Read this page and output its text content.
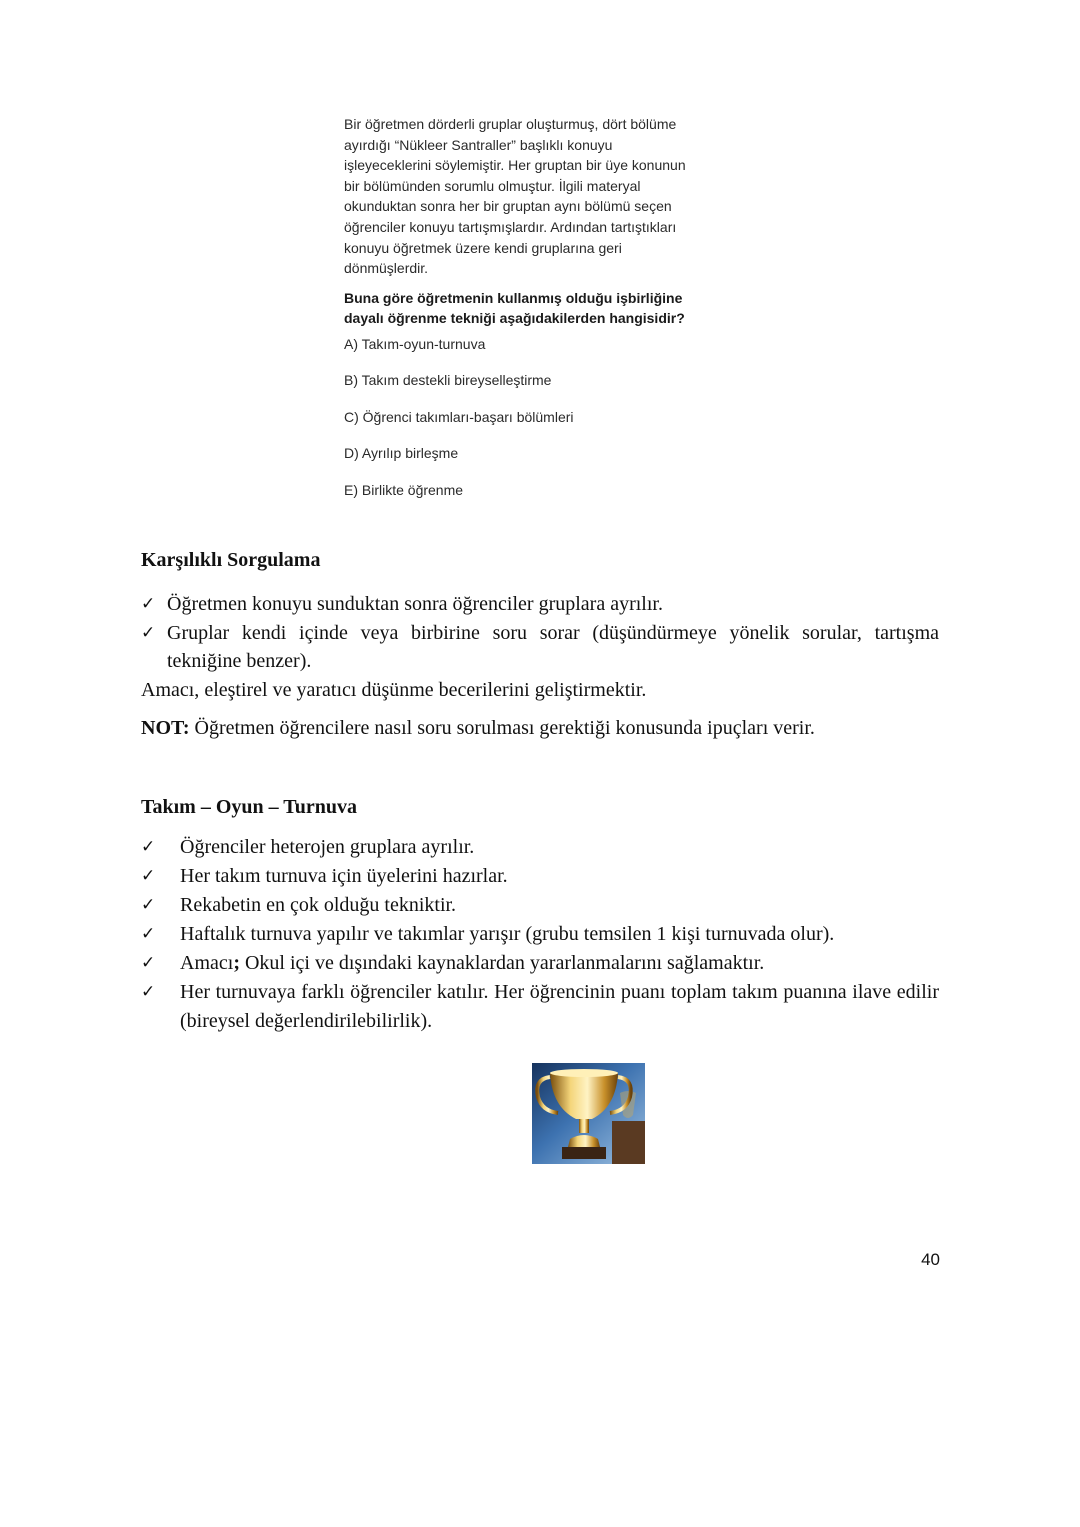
Bir öğretmen dörderli gruplar oluşturmuş, dört bölüme
ayırdığı “Nükleer Santraller” başlıklı konuyu
işleyeceklerini söylemiştir. Her gruptan bir üye konunun
bir bölümünden sorumlu olmuştur. İlgili materyal
okunduktan sonra her bir gruptan aynı bölümü seçen
öğrenciler konuyu tartışmışlardır. Ardından tartıştıkları
konuyu öğretmek üzere kendi gruplarına geri
dönmüşlerdir.

Buna göre öğretmenin kullanmış olduğu işbirliğine
dayalı öğrenme tekniği aşağıdakilerden hangisidir?

A) Takım-oyun-turnuva
B) Takım destekli bireyselleştirme
C) Öğrenci takımları-başarı bölümleri
D) Ayrılıp birleşme
E) Birlikte öğrenme
Karşılıklı Sorgulama
✓ Öğretmen konuyu sunduktan sonra öğrenciler gruplara ayrılır.
✓ Gruplar kendi içinde veya birbirine soru sorar (düşündürmeye yönelik sorular, tartışma tekniğine benzer).

Amacı, eleştirel ve yaratıcı düşünme becerilerini geliştirmektir.

NOT: Öğretmen öğrencilere nasıl soru sorulması gerektiği konusunda ipuçları verir.

Takım – Oyun – Turnuva
✓ Öğrenciler heterojen gruplara ayrılır.
✓ Her takım turnuva için üyelerini hazırlar.
✓ Rekabetin en çok olduğu tekniktir.
✓ Haftalık turnuva yapılır ve takımlar yarışır (grubu temsilen 1 kişi turnuvada olur).
✓ Amacı; Okul içi ve dışındaki kaynaklardan yararlanmalarını sağlamaktır.
✓ Her turnuvaya farklı öğrenciler katılır. Her öğrencinin puanı toplam takım puanına ilave edilir (bireysel değerlendirilebilirlik).
40
